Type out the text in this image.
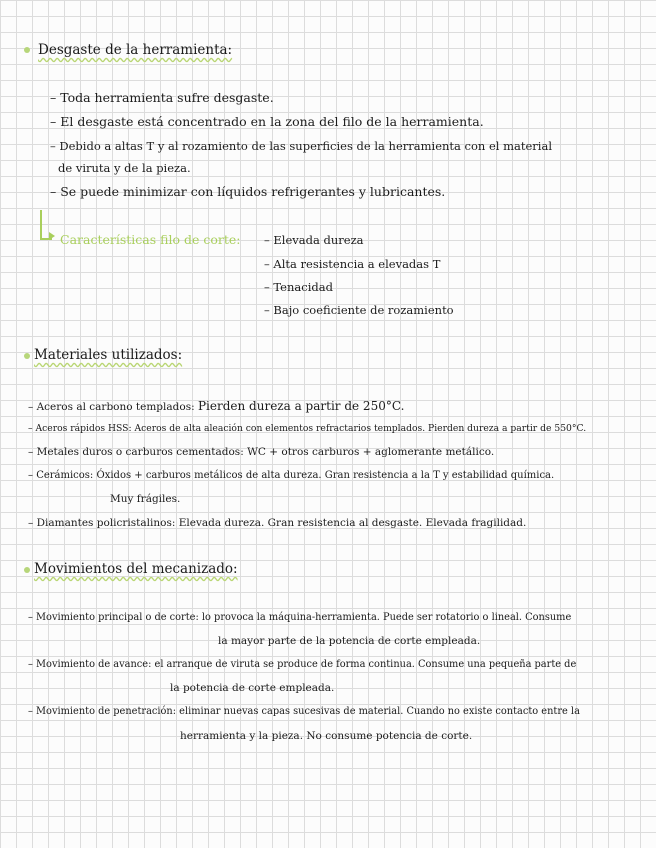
Desgaste de la herramienta:
– Toda herramienta sufre desgaste.
– El desgaste está concentrado en la zona del filo de la herramienta.
– Debido a altas T y al rozamiento de las superficies de la herramienta con el material
de viruta y de la pieza.
– Se puede minimizar con líquidos refrigerantes y lubricantes.
Características filo de corte:
–	Elevada dureza
– Alta resistencia a elevadas T
– Tenacidad
– Bajo coeficiente de rozamiento
Materiales utilizados:
– Aceros al carbono templados: Pierden dureza a partir de 250°C.
– Aceros rápidos HSS: Aceros de alta aleación con elementos refractarios templados. Pierden dureza a partir de 550°C.
– Metales duros o carburos cementados: WC + otros carburos + aglomerante metálico.
– Cerámicos: Óxidos + carburos metálicos de alta dureza. Gran resistencia a la T y estabilidad química.
Muy frágiles.
– Diamantes policristalinos: Elevada dureza. Gran resistencia al desgaste. Elevada fragilidad.
Movimientos del mecanizado:
– Movimiento principal o de corte: lo provoca la máquina-herramienta. Puede ser rotatorio o lineal. Consume
la mayor parte de la potencia de corte empleada.
– Movimiento de avance: el arranque de viruta se produce de forma continua. Consume una pequeña parte de
la potencia de corte empleada.
– Movimiento de penetración: eliminar nuevas capas sucesivas de material. Cuando no existe contacto entre la
herramienta y la pieza. No consume potencia de corte.
